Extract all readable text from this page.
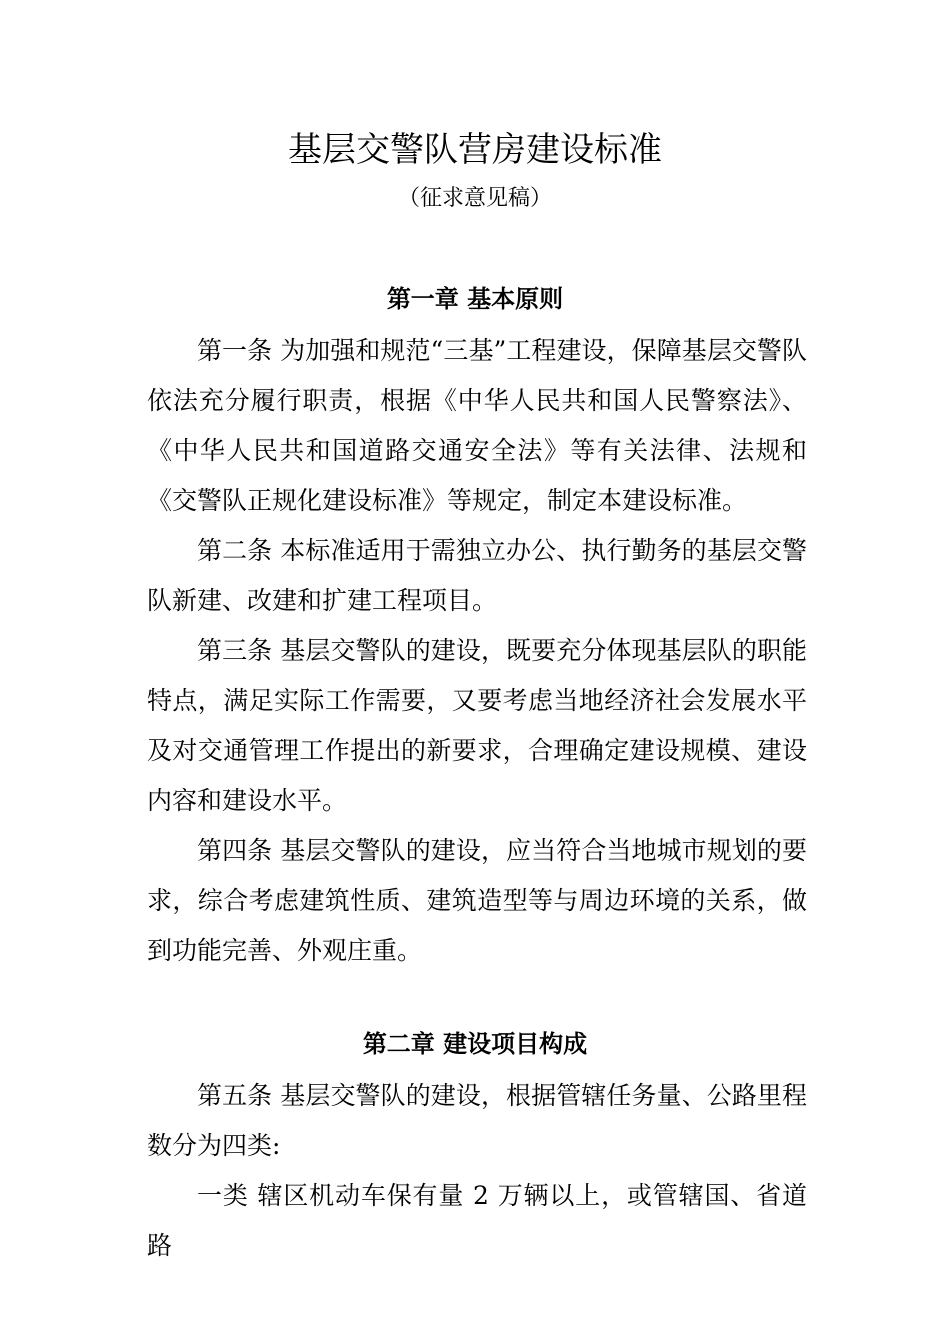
基层交警队营房建设标准
（征求意见稿）
第一章 基本原则

第一条 为加强和规范“三基”工程建设，保障基层交警队依法充分履行职责，根据《中华人民共和国人民警察法》、《中华人民共和国道路交通安全法》等有关法律、法规和《交警队正规化建设标准》等规定，制定本建设标准。

第二条 本标准适用于需独立办公、执行勤务的基层交警队新建、改建和扩建工程项目。

第三条 基层交警队的建设，既要充分体现基层队的职能特点，满足实际工作需要，又要考虑当地经济社会发展水平及对交通管理工作提出的新要求，合理确定建设规模、建设内容和建设水平。

第四条 基层交警队的建设，应当符合当地城市规划的要求，综合考虑建筑性质、建筑造型等与周边环境的关系，做到功能完善、外观庄重。

第二章 建设项目构成

第五条 基层交警队的建设，根据管辖任务量、公路里程数分为四类:

一类 辖区机动车保有量 2 万辆以上，或管辖国、省道路
